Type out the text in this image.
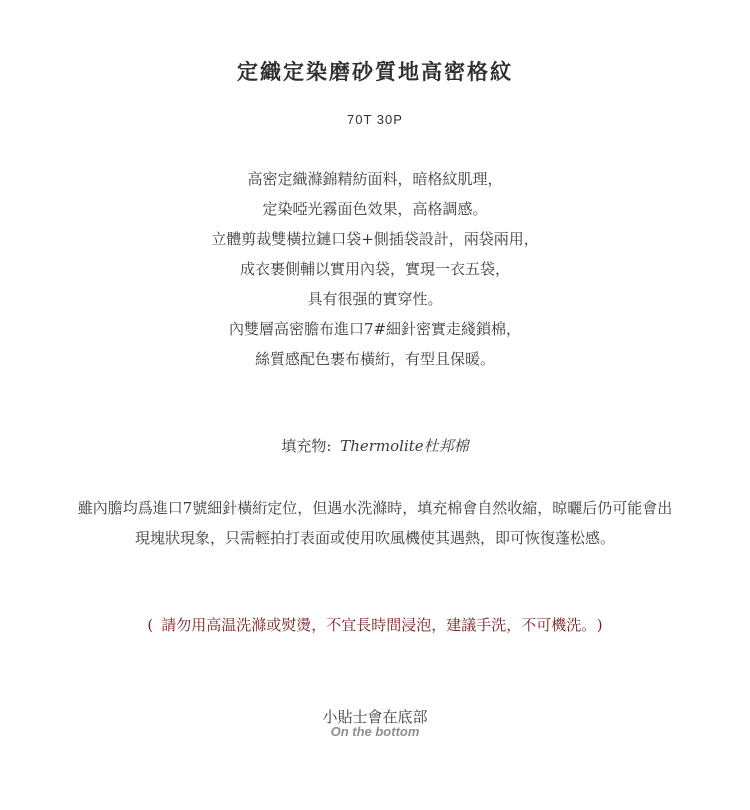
定織定染磨砂質地高密格紋
70T 30P
高密定織滌錦精紡面料，暗格紋肌理，
定染啞光霧面色效果，高格調感。
立體剪裁雙橫拉鏈口袋+側插袋設計，兩袋兩用，
成衣裹側輔以實用內袋，實現一衣五袋，
具有很强的實穿性。
內雙層高密膽布進口7#細針密實走綫鎖棉，
絲質感配色裹布橫絎，有型且保暖。
填充物: Thermolite杜邦棉
雖內膽均爲進口7號細針橫絎定位，但遇水洗滌時，填充棉會自然收縮，晾曬后仍可能會出
現塊狀現象，只需輕拍打表面或使用吹風機使其遇熱，即可恢復蓬松感。
( 請勿用高温洗滌或熨燙，不宜長時間浸泡，建議手洗，不可機洗。 )
小貼士會在底部
On the bottom
